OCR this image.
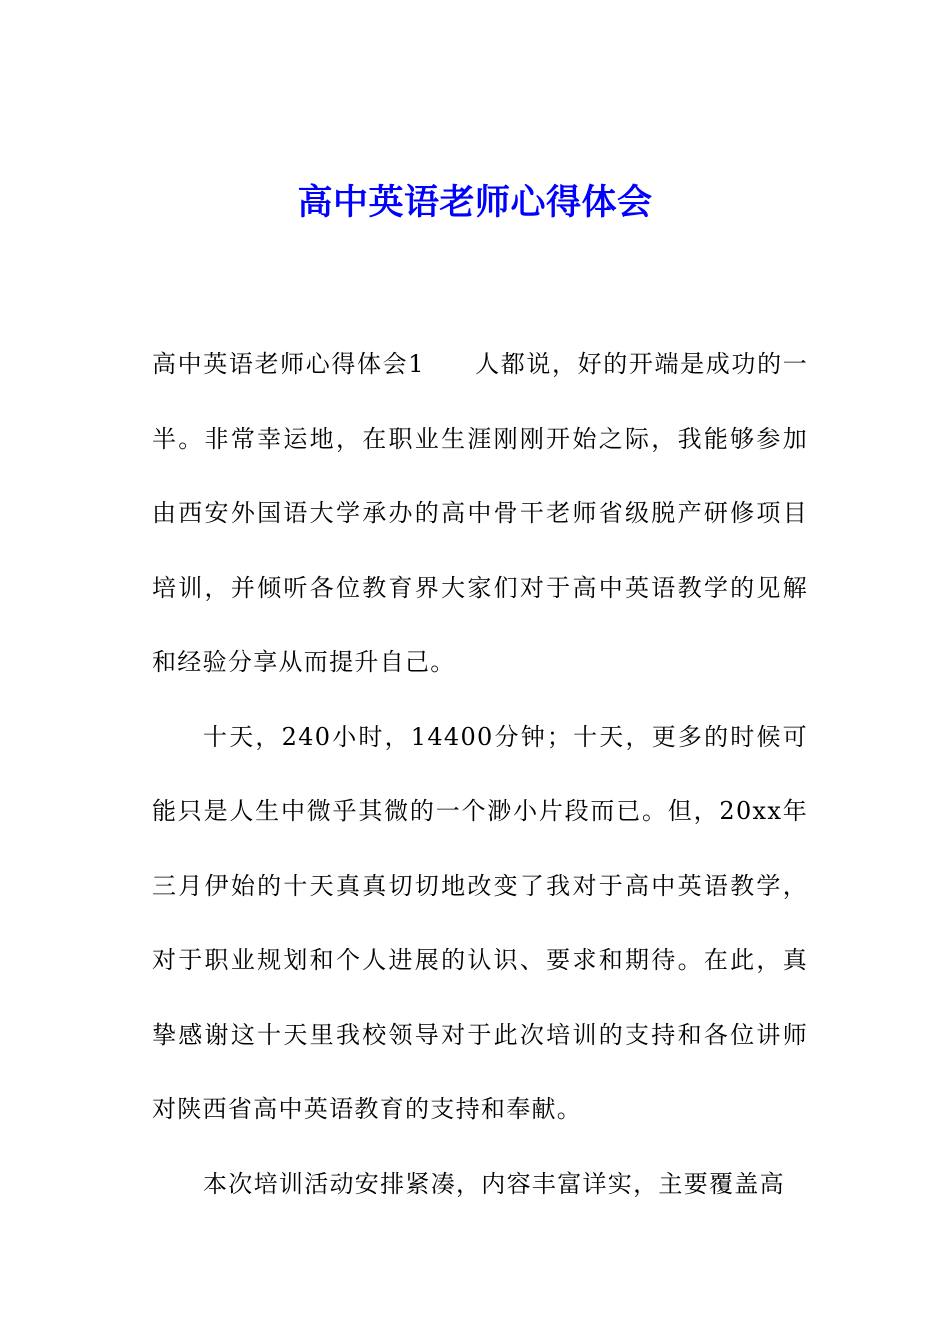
高中英语老师心得体会

高中英语老师心得体会1 人都说，好的开端是成功的一半。非常幸运地，在职业生涯刚刚开始之际，我能够参加由西安外国语大学承办的高中骨干老师省级脱产研修项目培训，并倾听各位教育界大家们对于高中英语教学的见解和经验分享从而提升自己。

十天，240小时，14400分钟；十天，更多的时候可能只是人生中微乎其微的一个渺小片段而已。但，20xx年三月伊始的十天真真切切地改变了我对于高中英语教学，对于职业规划和个人进展的认识、要求和期待。在此，真挚感谢这十天里我校领导对于此次培训的支持和各位讲师对陕西省高中英语教育的支持和奉献。

本次培训活动安排紧凑，内容丰富详实，主要覆盖高
